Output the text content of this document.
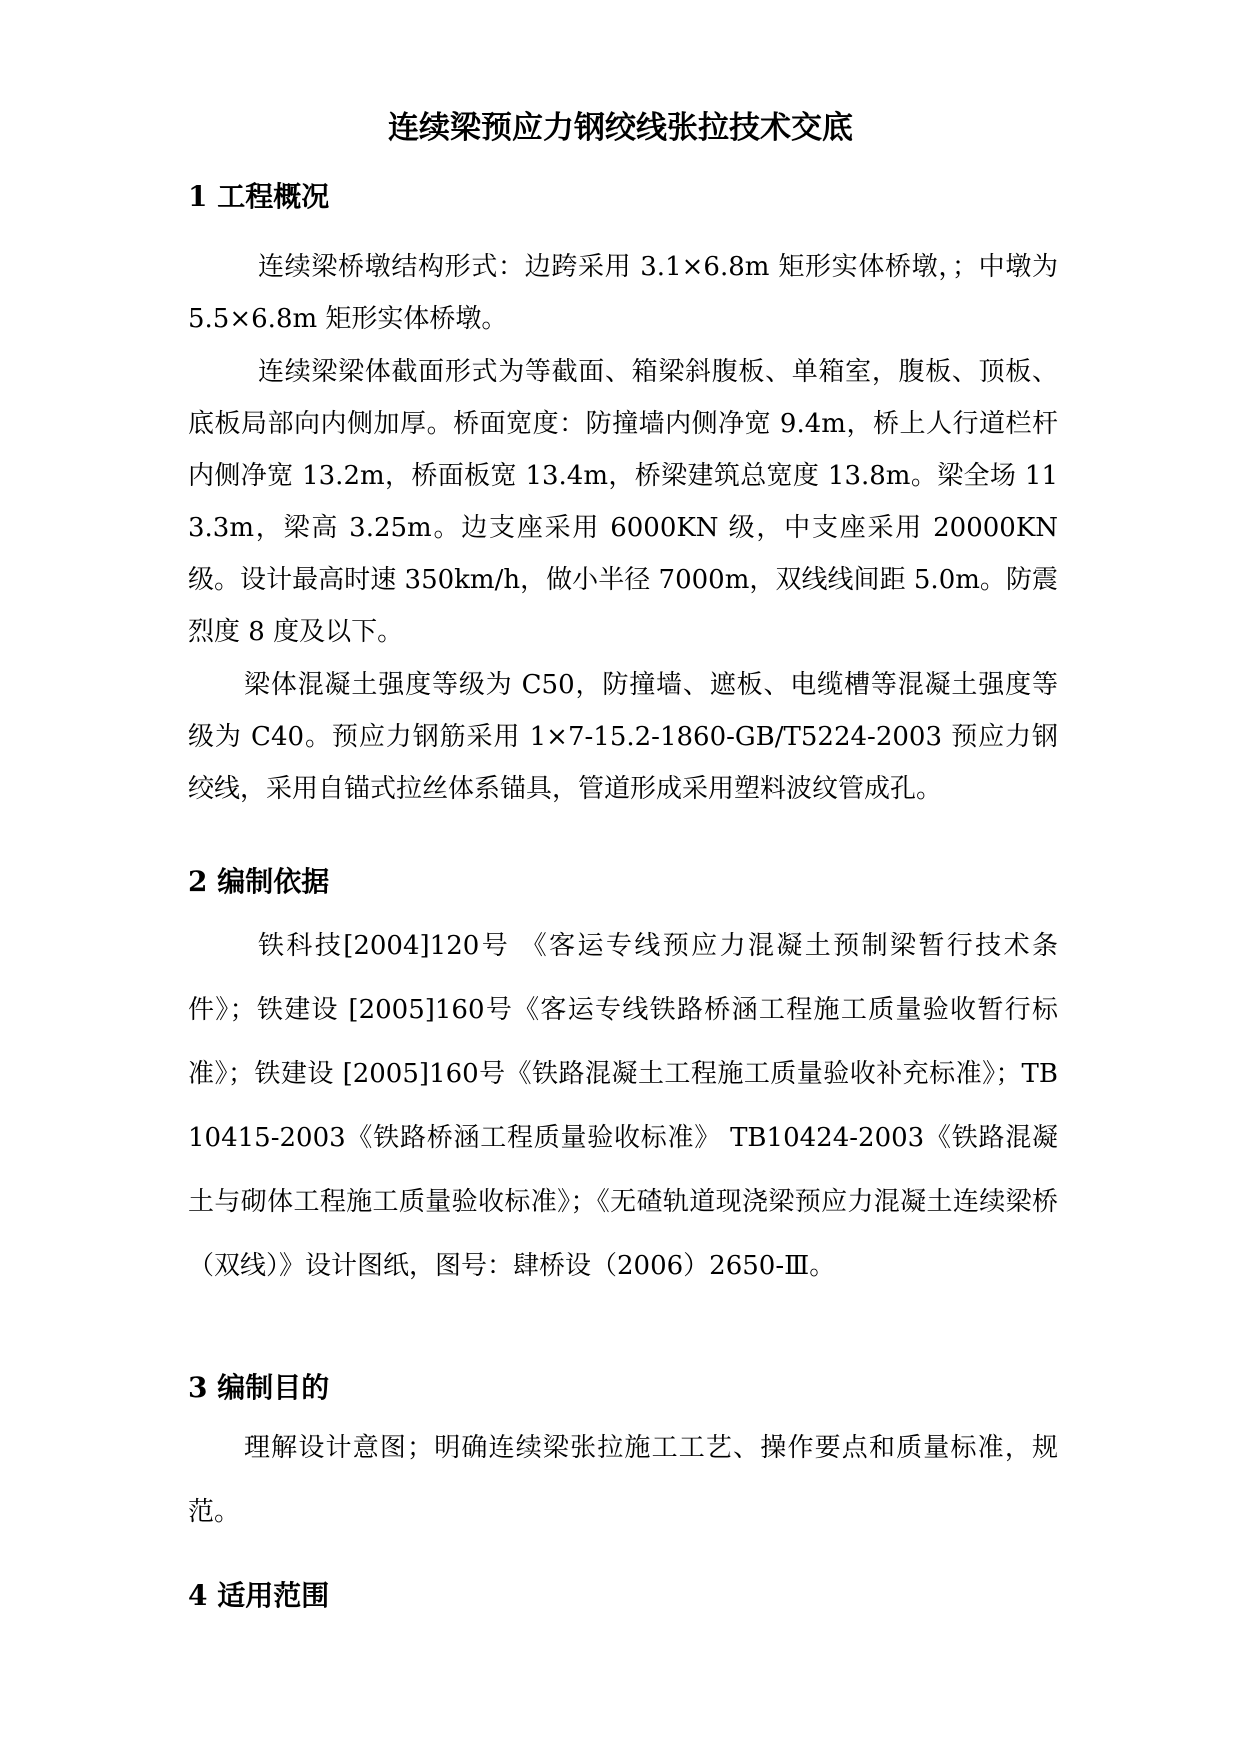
连续梁预应力钢绞线张拉技术交底
1 工程概况

连续梁桥墩结构形式：边跨采用 3.1×6.8m 矩形实体桥墩，；中墩为 5.5×6.8m 矩形实体桥墩。

连续梁梁体截面形式为等截面、箱梁斜腹板、单箱室，腹板、顶板、底板局部向内侧加厚。桥面宽度：防撞墙内侧净宽 9.4m，桥上人行道栏杆内侧净宽 13.2m，桥面板宽 13.4m，桥梁建筑总宽度 13.8m。梁全场 113.3m，梁高 3.25m。边支座采用 6000KN 级，中支座采用 20000KN 级。设计最高时速 350km/h，做小半径 7000m，双线线间距 5.0m。防震烈度 8 度及以下。

梁体混凝土强度等级为 C50，防撞墙、遮板、电缆槽等混凝土强度等级为 C40。预应力钢筋采用 1×7-15.2-1860-GB/T5224-2003 预应力钢绞线，采用自锚式拉丝体系锚具，管道形成采用塑料波纹管成孔。

2 编制依据

铁科技[2004]120号 《客运专线预应力混凝土预制梁暂行技术条件》；铁建设 [2005]160号《客运专线铁路桥涵工程施工质量验收暂行标准》；铁建设 [2005]160号《铁路混凝土工程施工质量验收补充标准》；TB10415-2003《铁路桥涵工程质量验收标准》 TB10424-2003《铁路混凝土与砌体工程施工质量验收标准》；《无碴轨道现浇梁预应力混凝土连续梁桥（双线）》设计图纸，图号：肆桥设（2006）2650-Ⅲ。

3 编制目的

理解设计意图；明确连续梁张拉施工工艺、操作要点和质量标准，规范。

4 适用范围
